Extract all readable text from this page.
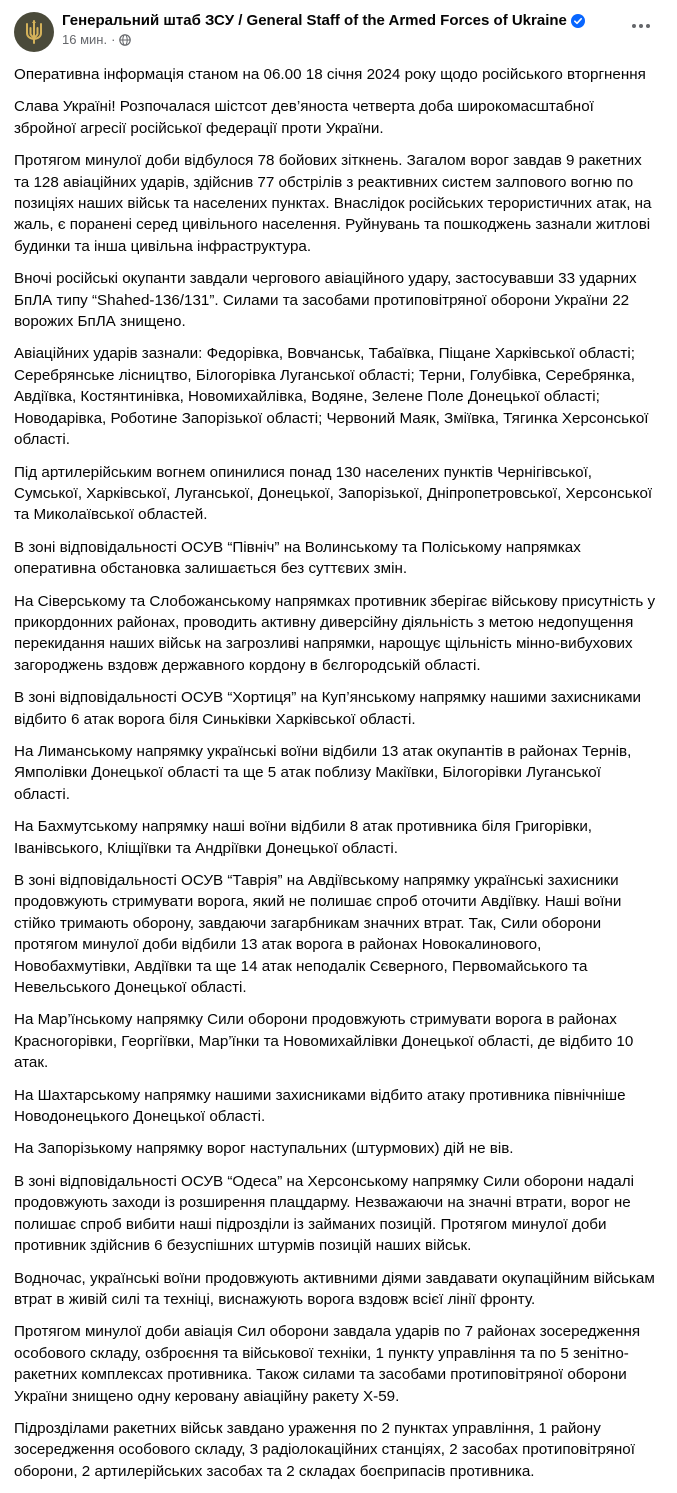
Генеральний штаб ЗСУ / General Staff of the Armed Forces of Ukraine
16 мин. ·

Оперативна інформація станом на 06.00 18 січня 2024 року щодо російського вторгнення

Слава Україні! Розпочалася шістсот дев’яноста четверта доба широкомасштабної збройної агресії російської федерації проти України.

Протягом минулої доби відбулося 78 бойових зіткнень. Загалом ворог завдав 9 ракетних та 128 авіаційних ударів, здійснив 77 обстрілів з реактивних систем залпового вогню по позиціях наших військ та населених пунктах. Внаслідок російських терористичних атак, на жаль, є поранені серед цивільного населення. Руйнувань та пошкоджень зазнали житлові будинки та інша цивільна інфраструктура.

Вночі російські окупанти завдали чергового авіаційного удару, застосувавши 33 ударних БпЛА типу “Shahed-136/131”. Силами та засобами протиповітряної оборони України 22 ворожих БпЛА знищено.

Авіаційних ударів зазнали: Федорівка, Вовчанськ, Табаївка, Піщане Харківської області; Серебрянське лісництво, Білогорівка Луганської області; Терни, Голубівка, Серебрянка, Авдіївка, Костянтинівка, Новомихайлівка, Водяне, Зелене Поле Донецької області; Новодарівка, Роботине Запорізької області; Червоний Маяк, Зміївка, Тягинка Херсонської області.

Під артилерійським вогнем опинилися понад 130 населених пунктів Чернігівської, Сумської, Харківської, Луганської, Донецької, Запорізької, Дніпропетровської, Херсонської та Миколаївської областей.

В зоні відповідальності ОСУВ “Північ” на Волинському та Поліському напрямках оперативна обстановка залишається без суттєвих змін.

На Сіверському та Слобожанському напрямках противник зберігає військову присутність у прикордонних районах, проводить активну диверсійну діяльність з метою недопущення перекидання наших військ на загрозливі напрямки, нарощує щільність мінно-вибухових загороджень вздовж державного кордону в бєлгородській області.

В зоні відповідальності ОСУВ “Хортиця” на Куп’янському напрямку нашими захисниками відбито 6 атак ворога біля Синьківки Харківської області.

На Лиманському напрямку українські воїни відбили 13 атак окупантів в районах Тернів, Ямполівки Донецької області та ще 5 атак поблизу Макіївки, Білогорівки Луганської області.

На Бахмутському напрямку наші воїни відбили 8 атак противника біля Григорівки, Іванівського, Кліщіївки та Андріївки Донецької області.

В зоні відповідальності ОСУВ “Таврія” на Авдіївському напрямку українські захисники продовжують стримувати ворога, який не полишає спроб оточити Авдіївку. Наші воїни стійко тримають оборону, завдаючи загарбникам значних втрат. Так, Сили оборони протягом минулої доби відбили 13 атак ворога в районах Новокалинового, Новобахмутівки, Авдіївки та ще 14 атак неподалік Сєверного, Первомайського та Невельського Донецької області.

На Мар’їнському напрямку Сили оборони продовжують стримувати ворога в районах Красногорівки, Георгіївки, Мар’їнки та Новомихайлівки Донецької області, де відбито 10 атак.

На Шахтарському напрямку нашими захисниками відбито атаку противника північніше Новодонецького Донецької області.

На Запорізькому напрямку ворог наступальних (штурмових) дій не вів.

В зоні відповідальності ОСУВ “Одеса” на Херсонському напрямку Сили оборони надалі продовжують заходи із розширення плацдарму. Незважаючи на значні втрати, ворог не полишає спроб вибити наші підрозділи із займаних позицій. Протягом минулої доби противник здійснив 6 безуспішних штурмів позицій наших військ.

Водночас, українські воїни продовжують активними діями завдавати окупаційним військам втрат в живій силі та техніці, виснажують ворога вздовж всієї лінії фронту.

Протягом минулої доби авіація Сил оборони завдала ударів по 7 районах зосередження особового складу, озброєння та військової техніки, 1 пункту управління та по 5 зенітно-ракетних комплексах противника. Також силами та засобами протиповітряної оборони України знищено одну керовану авіаційну ракету Х-59.

Підрозділами ракетних військ завдано ураження по 2 пунктах управління, 1 району зосередження особового складу, 3 радіолокаційних станціях, 2 засобах протиповітряної оборони, 2 артилерійських засобах та 2 складах боєприпасів противника.
